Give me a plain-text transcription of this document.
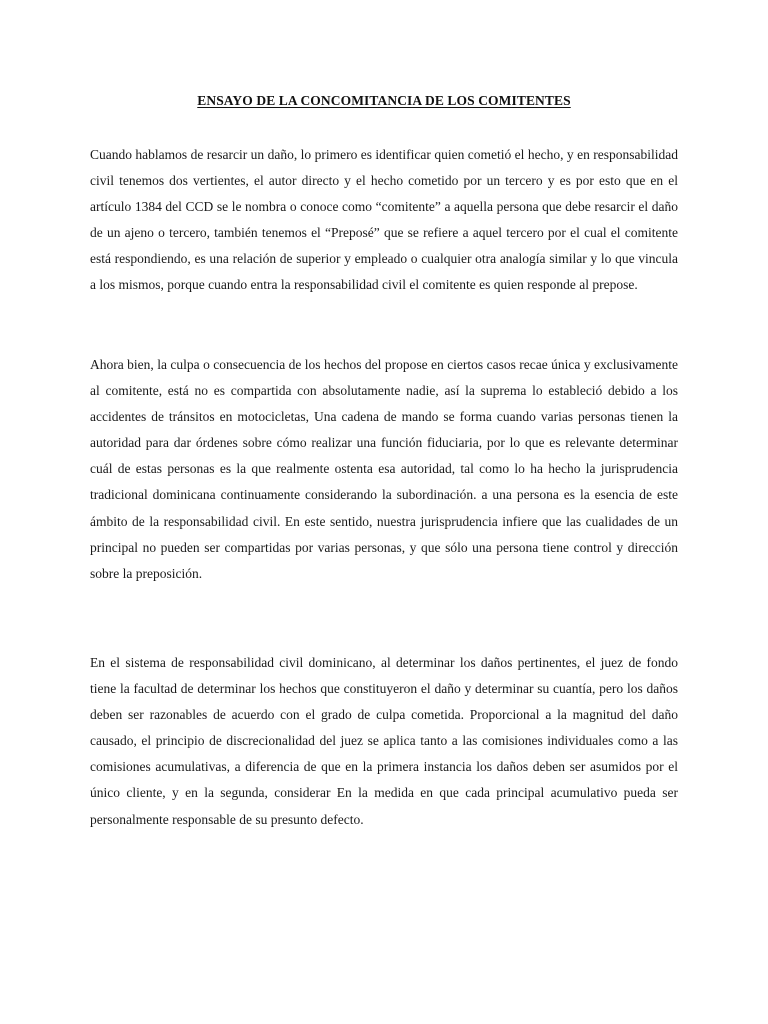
ENSAYO DE LA CONCOMITANCIA DE LOS COMITENTES

Cuando hablamos de resarcir un daño, lo primero es identificar quien cometió el hecho, y en responsabilidad civil tenemos dos vertientes, el autor directo y el hecho cometido por un tercero y es por esto que en el artículo 1384 del CCD se le nombra o conoce como “comitente” a aquella persona que debe resarcir el daño de un ajeno o tercero, también tenemos el “Preposé” que se refiere a aquel tercero por el cual el comitente está respondiendo, es una relación de superior y empleado o cualquier otra analogía similar y lo que vincula a los mismos, porque cuando entra la responsabilidad civil el comitente es quien responde al prepose.

Ahora bien, la culpa o consecuencia de los hechos del propose en ciertos casos recae única y exclusivamente al comitente, está no es compartida con absolutamente nadie, así la suprema lo estableció debido a los accidentes de tránsitos en motocicletas, Una cadena de mando se forma cuando varias personas tienen la autoridad para dar órdenes sobre cómo realizar una función fiduciaria, por lo que es relevante determinar cuál de estas personas es la que realmente ostenta esa autoridad, tal como lo ha hecho la jurisprudencia tradicional dominicana continuamente considerando la subordinación. a una persona es la esencia de este ámbito de la responsabilidad civil. En este sentido, nuestra jurisprudencia infiere que las cualidades de un principal no pueden ser compartidas por varias personas, y que sólo una persona tiene control y dirección sobre la preposición.

En el sistema de responsabilidad civil dominicano, al determinar los daños pertinentes, el juez de fondo tiene la facultad de determinar los hechos que constituyeron el daño y determinar su cuantía, pero los daños deben ser razonables de acuerdo con el grado de culpa cometida. Proporcional a la magnitud del daño causado, el principio de discrecionalidad del juez se aplica tanto a las comisiones individuales como a las comisiones acumulativas, a diferencia de que en la primera instancia los daños deben ser asumidos por el único cliente, y en la segunda, considerar En la medida en que cada principal acumulativo pueda ser personalmente responsable de su presunto defecto.
